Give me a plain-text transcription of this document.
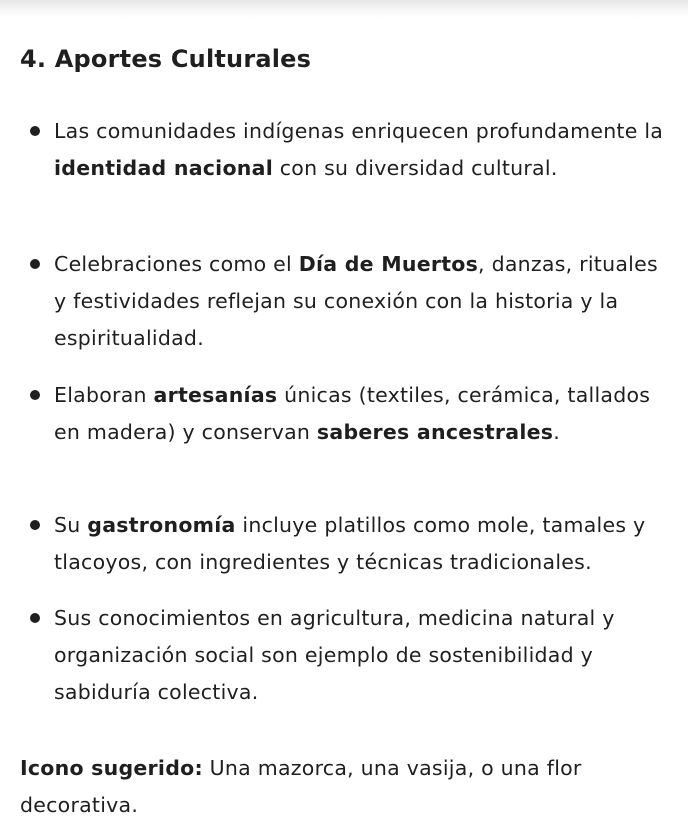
4. Aportes Culturales
Las comunidades indígenas enriquecen profundamente la identidad nacional con su diversidad cultural.
Celebraciones como el Día de Muertos, danzas, rituales y festividades reflejan su conexión con la historia y la espiritualidad.
Elaboran artesanías únicas (textiles, cerámica, tallados en madera) y conservan saberes ancestrales.
Su gastronomía incluye platillos como mole, tamales y tlacoyos, con ingredientes y técnicas tradicionales.
Sus conocimientos en agricultura, medicina natural y organización social son ejemplo de sostenibilidad y sabiduría colectiva.

Icono sugerido: Una mazorca, una vasija, o una flor decorativa.
